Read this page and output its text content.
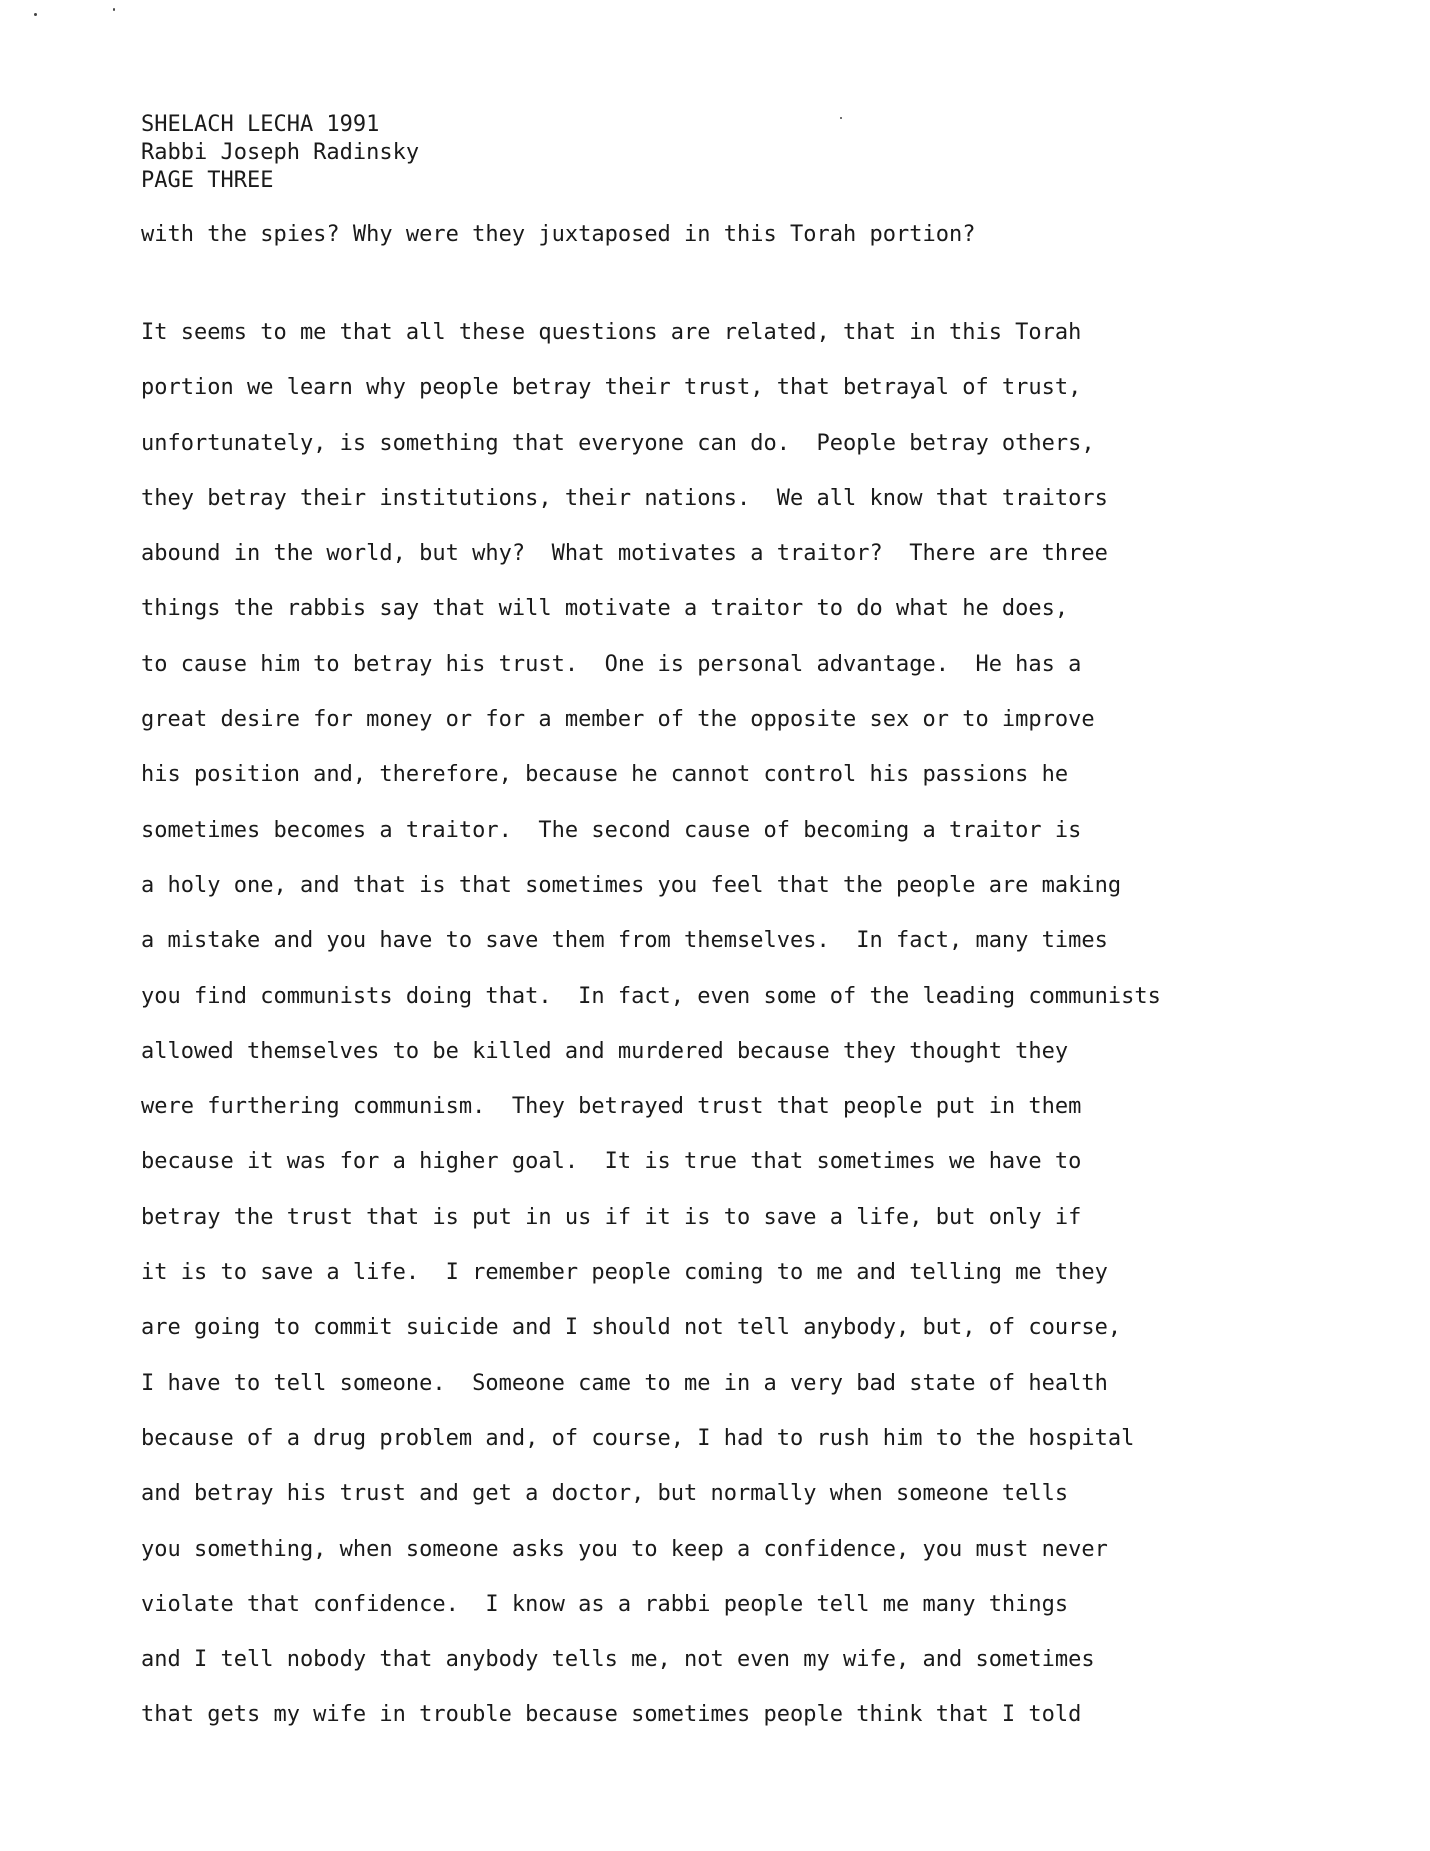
SHELACH LECHA 1991
Rabbi Joseph Radinsky
PAGE THREE
with the spies? Why were they juxtaposed in this Torah portion?
It seems to me that all these questions are related, that in this Torah
portion we learn why people betray their trust, that betrayal of trust,
unfortunately, is something that everyone can do.  People betray others,
they betray their institutions, their nations.  We all know that traitors
abound in the world, but why?  What motivates a traitor?  There are three
things the rabbis say that will motivate a traitor to do what he does,
to cause him to betray his trust.  One is personal advantage.  He has a
great desire for money or for a member of the opposite sex or to improve
his position and, therefore, because he cannot control his passions he
sometimes becomes a traitor.  The second cause of becoming a traitor is
a holy one, and that is that sometimes you feel that the people are making
a mistake and you have to save them from themselves.  In fact, many times
you find communists doing that.  In fact, even some of the leading communists
allowed themselves to be killed and murdered because they thought they
were furthering communism.  They betrayed trust that people put in them
because it was for a higher goal.  It is true that sometimes we have to
betray the trust that is put in us if it is to save a life, but only if
it is to save a life.  I remember people coming to me and telling me they
are going to commit suicide and I should not tell anybody, but, of course,
I have to tell someone.  Someone came to me in a very bad state of health
because of a drug problem and, of course, I had to rush him to the hospital
and betray his trust and get a doctor, but normally when someone tells
you something, when someone asks you to keep a confidence, you must never
violate that confidence.  I know as a rabbi people tell me many things
and I tell nobody that anybody tells me, not even my wife, and sometimes
that gets my wife in trouble because sometimes people think that I told
